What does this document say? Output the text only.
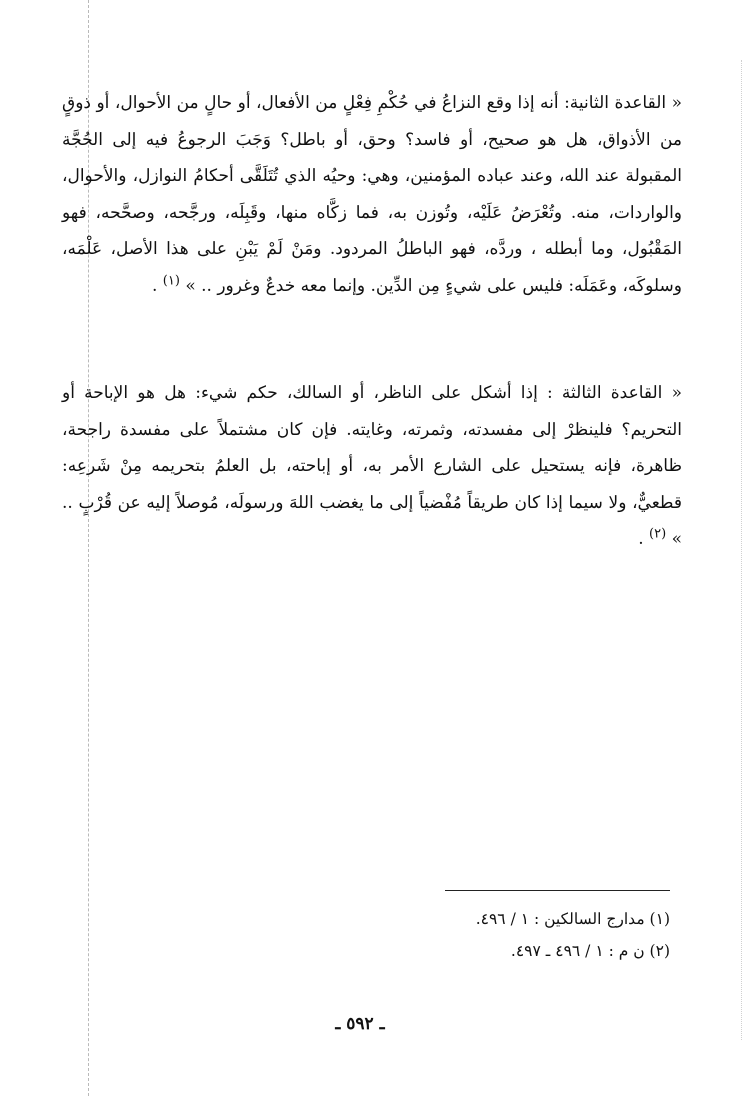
« القاعدة الثانية: أنه إذا وقع النزاعُ في حُكْمِ فِعْلٍ من الأفعال، أو حالٍ من الأحوال، أو ذوقٍ من الأذواق، هل هو صحيح، أو فاسد؟ وحق، أو باطل؟ وَجَبَ الرجوعُ فيه إلى الحُجَّة المقبولة عند الله، وعند عباده المؤمنين، وهي: وحيُه الذي تُتَلَقَّى أحكامُ النوازل، والأحوال، والواردات، منه. وتُعْرَضُ عَلَيْه، وتُوزن به، فما زكَّاه منها، وقَبِلَه، ورجَّحه، وصحَّحه، فهو المَقْبُول، وما أبطله ، وردَّه، فهو الباطلُ المردود. ومَنْ لَمْ يَبْنِ على هذا الأصل، عَلْمَه، وسلوكَه، وعَمَلَه: فليس على شيءٍ مِن الدِّين. وإنما معه خدعٌ وغرور .. » $^{(١)}$ .

« القاعدة الثالثة : إذا أشكل على الناظر، أو السالك، حكم شيء: هل هو الإباحة أو التحريم؟ فلينظرْ إلى مفسدته، وثمرته، وغايته. فإن كان مشتملاً على مفسدة راجحة، ظاهرة، فإنه يستحيل على الشارع الأمر به، أو إباحته، بل العلمُ بتحريمه مِنْ شَرعِه: قطعيٌّ، ولا سيما إذا كان طريقاً مُفْضياً إلى ما يغضب اللهَ ورسولَه، مُوصلاً إليه عن قُرْبٍ .. » $^{(٢)}$ .

(١) مدارج السالكين : ١ / ٤٩٦.
(٢) ن م : ١ / ٤٩٦ ـ ٤٩٧.
ـ ٥٩٢ ـ
